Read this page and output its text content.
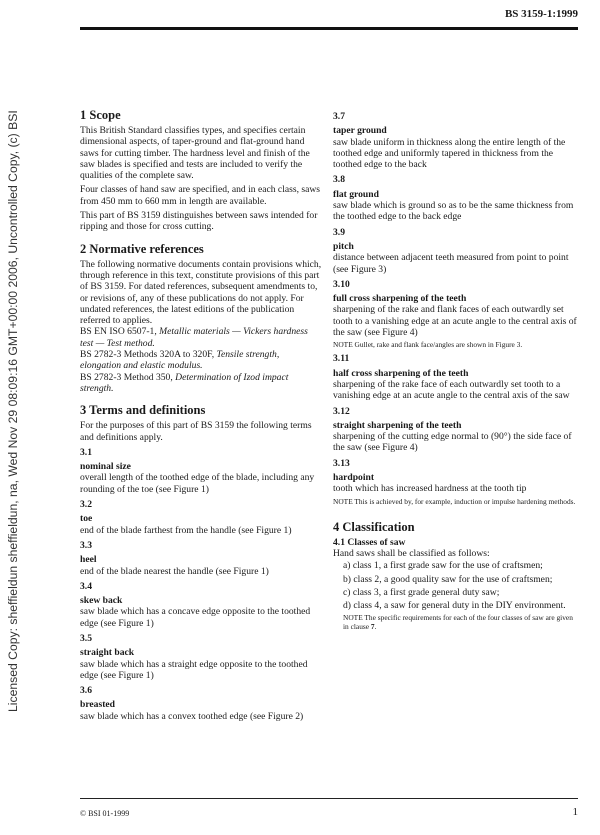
BS 3159-1:1999
Licensed Copy: sheffieldun sheffieldun, na, Wed Nov 29 08:09:16 GMT+00:00 2006, Uncontrolled Copy, (c) BSI	1 Scope

This British Standard classifies types, and specifies certain dimensional aspects, of taper-ground and flat-ground hand saws for cutting timber. The hardness level and finish of the saw blades is specified and tests are included to verify the qualities of the complete saw.

Four classes of hand saw are specified, and in each class, saws from 450 mm to 660 mm in length are available.

This part of BS 3159 distinguishes between saws intended for ripping and those for cross cutting.

2 Normative references

The following normative documents contain provisions which, through reference in this text, constitute provisions of this part of BS 3159. For dated references, subsequent amendments to, or revisions of, any of these publications do not apply. For undated references, the latest editions of the publication referred to applies.

BS EN ISO 6507-1, Metallic materials — Vickers hardness test — Test method.

BS 2782-3 Methods 320A to 320F, Tensile strength, elongation and elastic modulus.

BS 2782-3 Method 350, Determination of Izod impact strength.

3 Terms and definitions

For the purposes of this part of BS 3159 the following terms and definitions apply.

3.1
nominal size

overall length of the toothed edge of the blade, including any rounding of the toe (see Figure 1)

3.2
toe

end of the blade farthest from the handle (see Figure 1)

3.3
heel

end of the blade nearest the handle (see Figure 1)

3.4
skew back

saw blade which has a concave edge opposite to the toothed edge (see Figure 1)

3.5
straight back

saw blade which has a straight edge opposite to the toothed edge (see Figure 1)

3.6
breasted

saw blade which has a convex toothed edge (see Figure 2)

3.7
taper ground

saw blade uniform in thickness along the entire length of the toothed edge and uniformly tapered in thickness from the toothed edge to the back

3.8
flat ground

saw blade which is ground so as to be the same thickness from the toothed edge to the back edge

3.9
pitch

distance between adjacent teeth measured from point to point (see Figure 3)

3.10
full cross sharpening of the teeth

sharpening of the rake and flank faces of each outwardly set tooth to a vanishing edge at an acute angle to the central axis of the saw (see Figure 4)

NOTE Gullet, rake and flank face/angles are shown in Figure 3.

3.11
half cross sharpening of the teeth

sharpening of the rake face of each outwardly set tooth to a vanishing edge at an acute angle to the central axis of the saw

3.12
straight sharpening of the teeth

sharpening of the cutting edge normal to (90°) the side face of the saw (see Figure 4)

3.13
hardpoint

tooth which has increased hardness at the tooth tip

NOTE This is achieved by, for example, induction or impulse hardening methods.

4 Classification
4.1 Classes of saw

Hand saws shall be classified as follows:

a) class 1, a first grade saw for the use of craftsmen;
b) class 2, a good quality saw for the use of craftsmen;
c) class 3, a first grade general duty saw;
d) class 4, a saw for general duty in the DIY environment.

NOTE The specific requirements for each of the four classes of saw are given in clause 7.

© BSI 01-1999	1
